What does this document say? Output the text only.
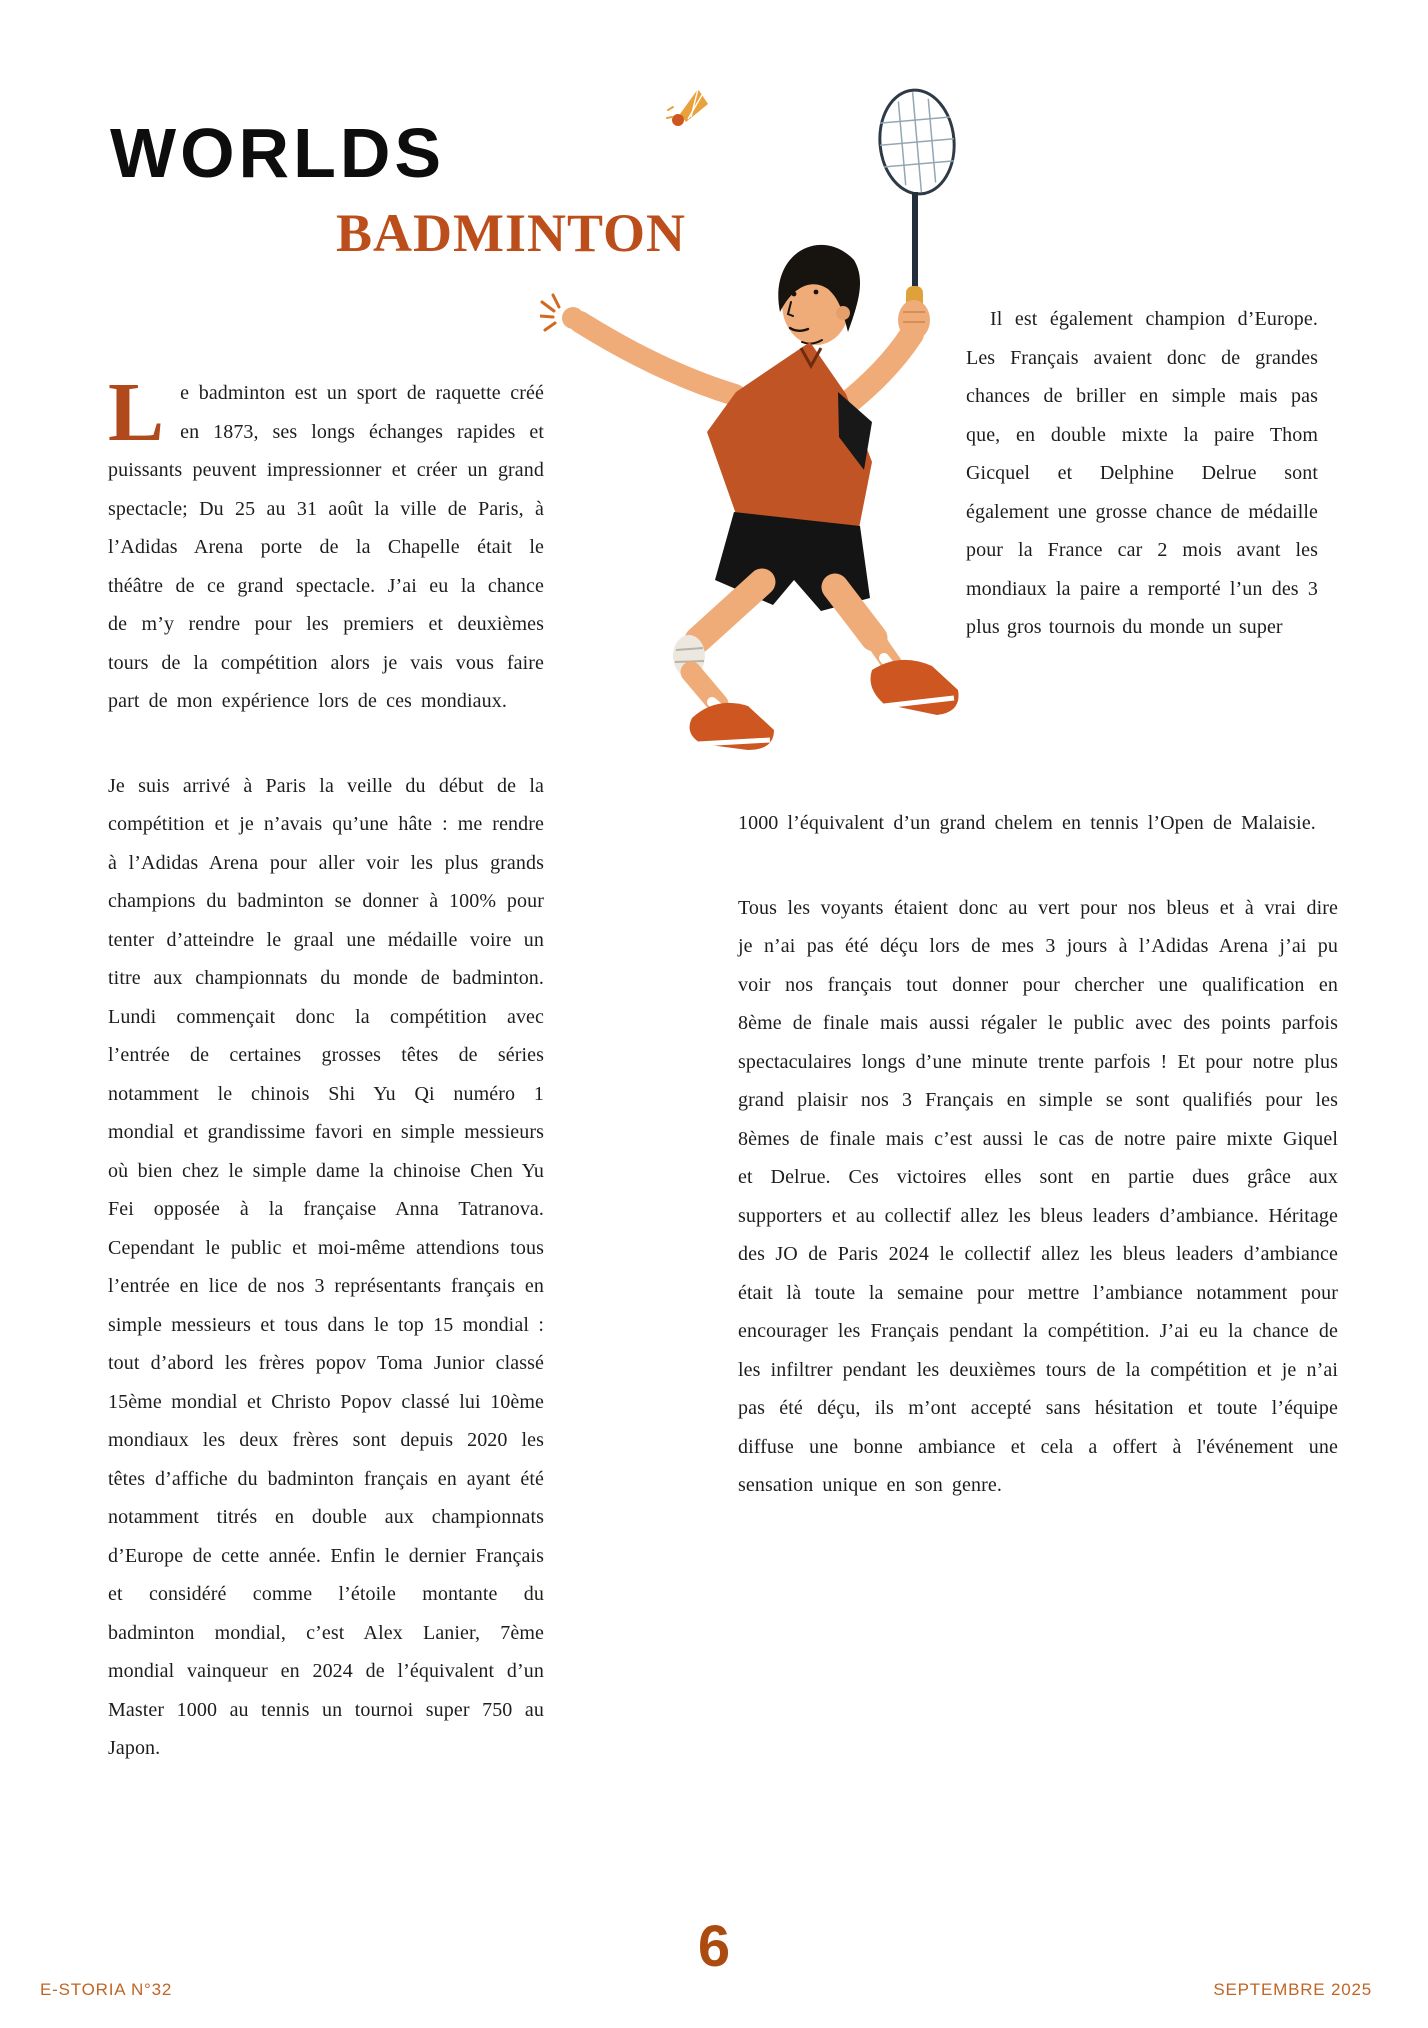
WORLDS
BADMINTON

Le badminton est un sport de raquette créé en 1873, ses longs échanges rapides et puissants peuvent impressionner et créer un grand spectacle; Du 25 au 31 août la ville de Paris, à l’Adidas Arena porte de la Chapelle était le théâtre de ce grand spectacle. J’ai eu la chance de m’y rendre pour les premiers et deuxièmes tours de la compétition alors je vais vous faire part de mon expérience lors de ces mondiaux.

Je suis arrivé à Paris la veille du début de la compétition et je n’avais qu’une hâte : me rendre à l’Adidas Arena pour aller voir les plus grands champions du badminton se donner à 100% pour tenter d’atteindre le graal une médaille voire un titre aux championnats du monde de badminton. Lundi commençait donc la compétition avec l’entrée de certaines grosses têtes de séries notamment le chinois Shi Yu Qi numéro 1 mondial et grandissime favori en simple messieurs où bien chez le simple dame la chinoise Chen Yu Fei opposée à la française Anna Tatranova. Cependant le public et moi-même attendions tous l’entrée en lice de nos 3 représentants français en simple messieurs et tous dans le top 15 mondial : tout d’abord les frères popov Toma Junior classé 15ème mondial et Christo Popov classé lui 10ème mondiaux les deux frères sont depuis 2020 les têtes d’affiche du badminton français en ayant été notamment titrés en double aux championnats d’Europe de cette année. Enfin le dernier Français et considéré comme l’étoile montante du badminton mondial, c’est Alex Lanier, 7ème mondial vainqueur en 2024 de l’équivalent d’un Master 1000 au tennis un tournoi super 750 au Japon.

Il est également champion d’Europe. Les Français avaient donc de grandes chances de briller en simple mais pas que, en double mixte la paire Thom Gicquel et Delphine Delrue sont également une grosse chance de médaille pour la France car 2 mois avant les mondiaux la paire a remporté l’un des 3 plus gros tournois du monde un super

1000 l’équivalent d’un grand chelem en tennis l’Open de Malaisie.

Tous les voyants étaient donc au vert pour nos bleus et à vrai dire je n’ai pas été déçu lors de mes 3 jours à l’Adidas Arena j’ai pu voir nos français tout donner pour chercher une qualification en 8ème de finale mais aussi régaler le public avec des points parfois spectaculaires longs d’une minute trente parfois ! Et pour notre plus grand plaisir nos 3 Français en simple se sont qualifiés pour les 8èmes de finale mais c’est aussi le cas de notre paire mixte Giquel et Delrue. Ces victoires elles sont en partie dues grâce aux supporters et au collectif allez les bleus leaders d’ambiance. Héritage des JO de Paris 2024 le collectif allez les bleus leaders d’ambiance était là toute la semaine pour mettre l’ambiance notamment pour encourager les Français pendant la compétition. J’ai eu la chance de les infiltrer pendant les deuxièmes tours de la compétition et je n’ai pas été déçu, ils m’ont accepté sans hésitation et toute l’équipe diffuse une bonne ambiance et cela a offert à l'événement une sensation unique en son genre.

E-STORIA N°32
6
SEPTEMBRE 2025
